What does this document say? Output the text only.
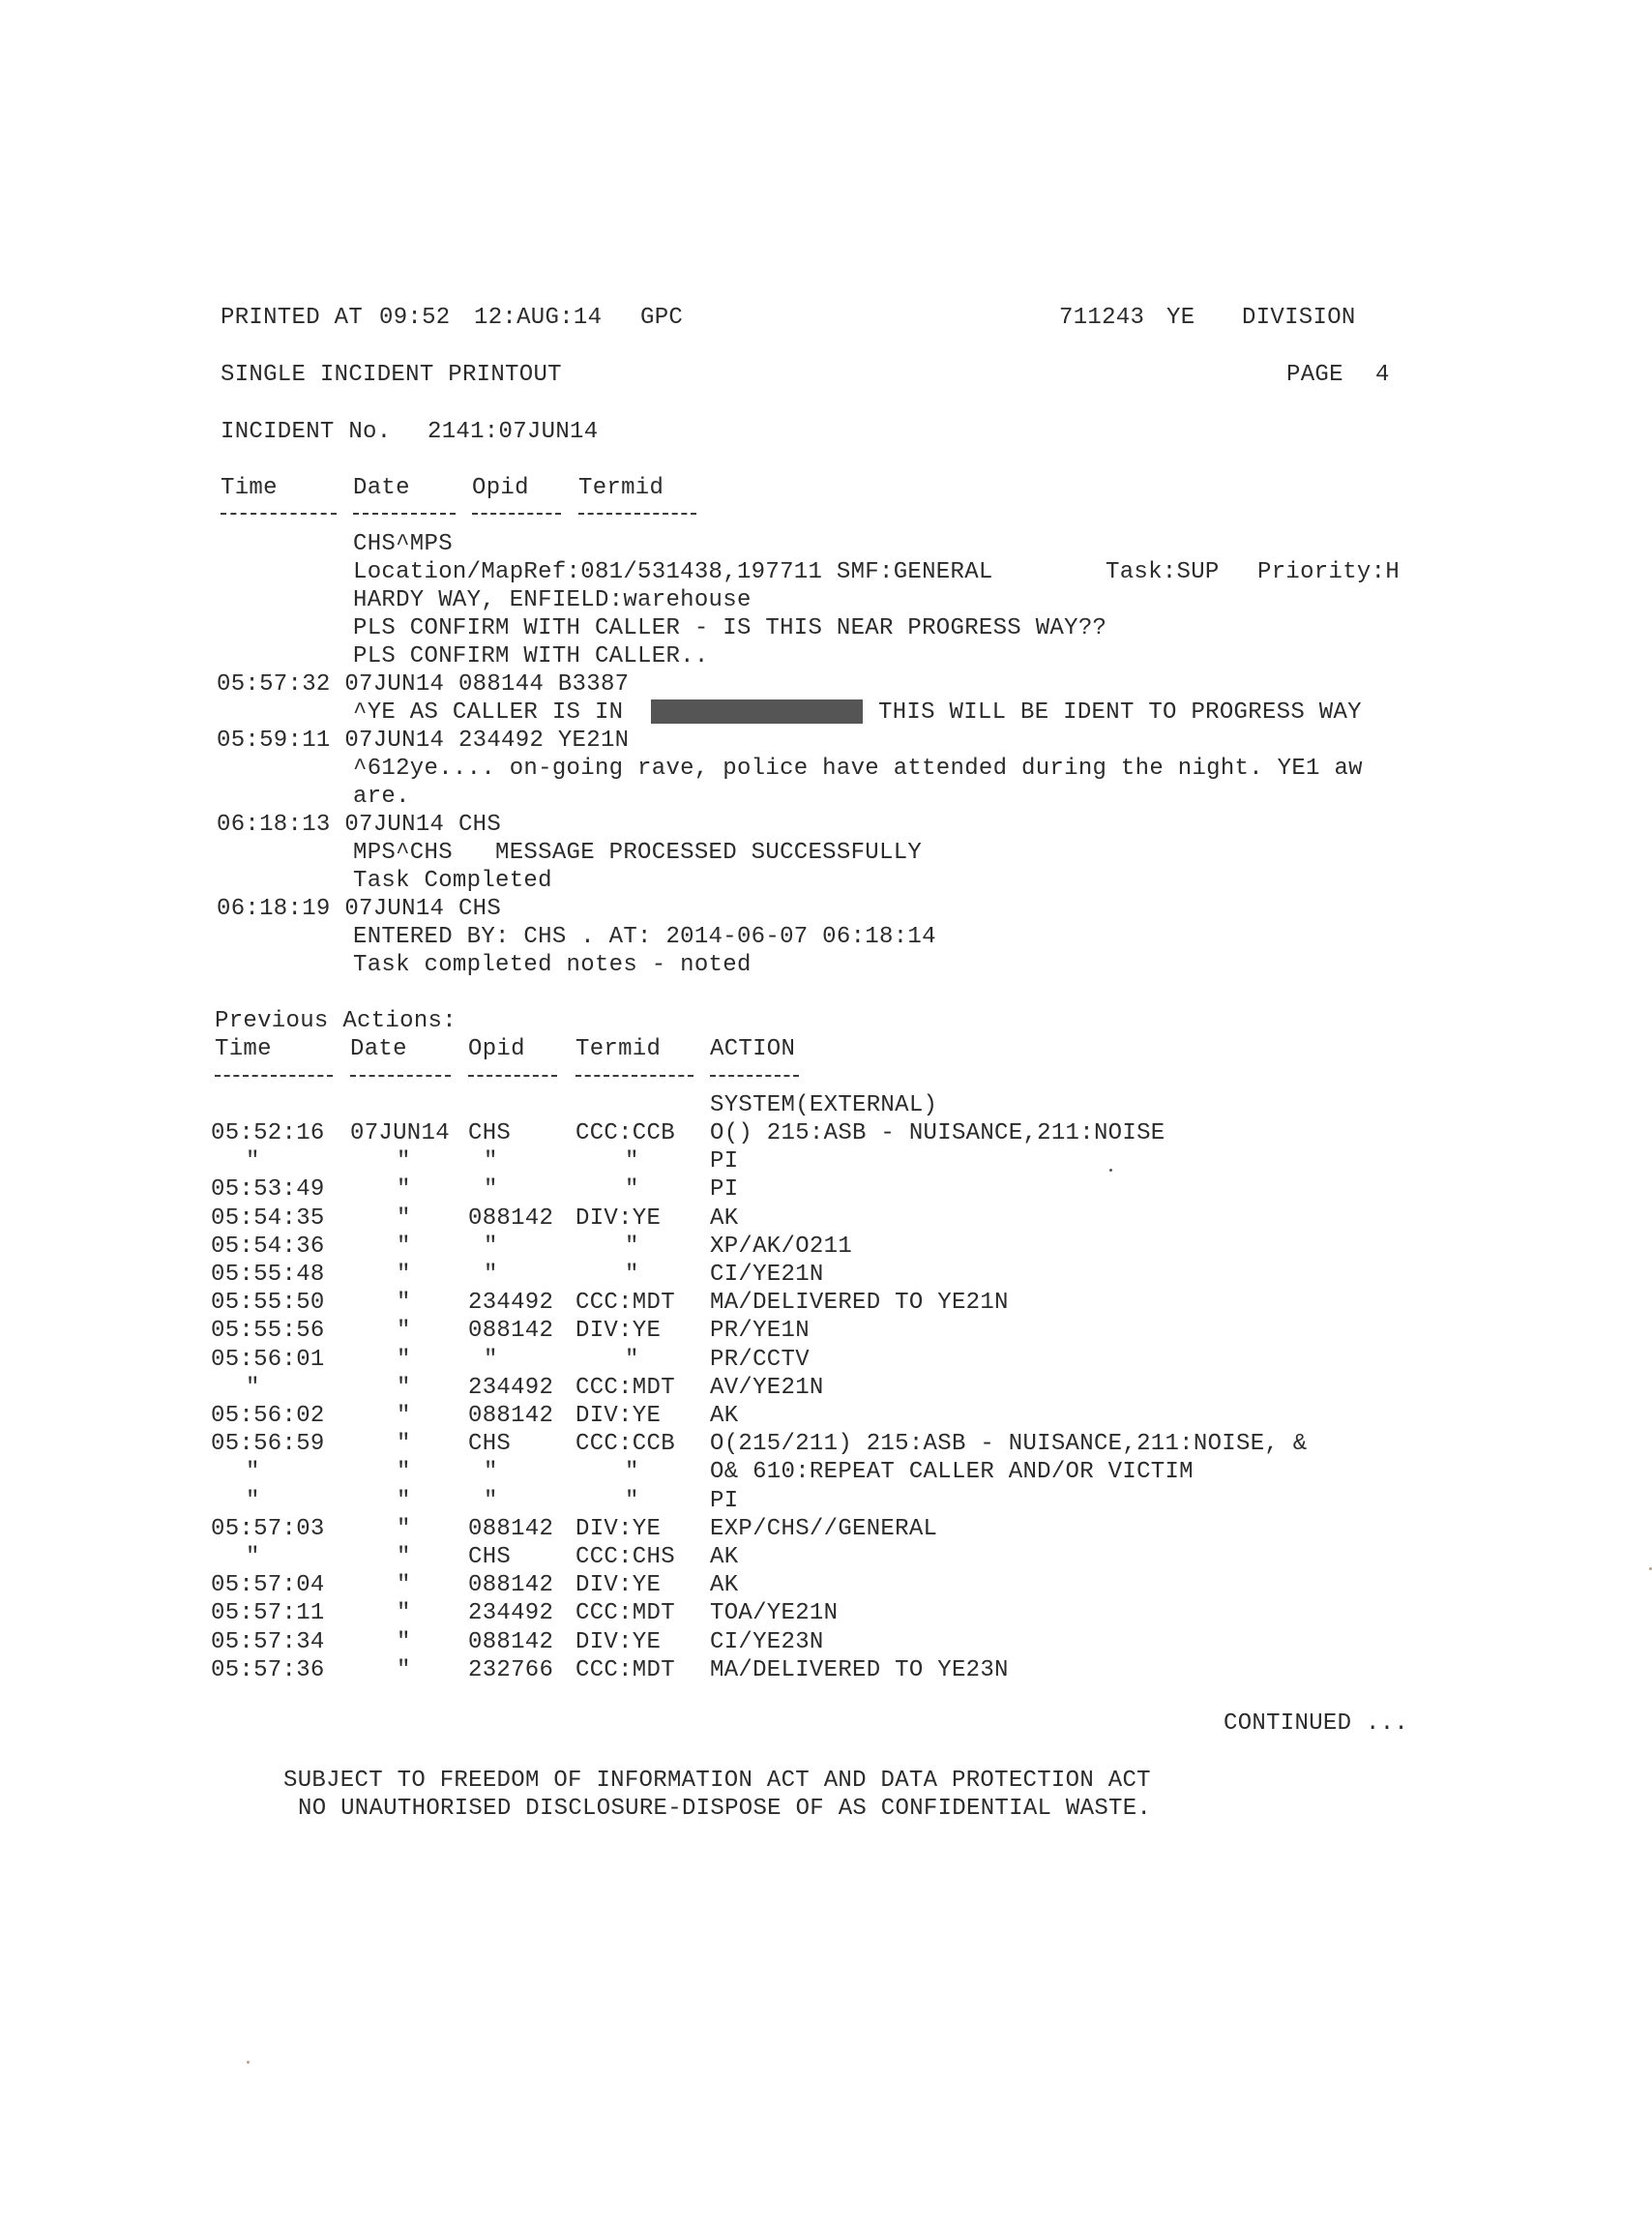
PRINTED AT 09:52 12:AUG:14 GPC	711243 YE DIVISION
SINGLE INCIDENT PRINTOUT	PAGE 4
INCIDENT No. 2141:07JUN14
Time	Date	Opid Termid
CHS^MPS
Location/MapRef:081/531438,197711 SMF:GENERAL	Task:SUP Priority:H
HARDY WAY, ENFIELD:warehouse
PLS CONFIRM WITH CALLER - IS THIS NEAR PROGRESS WAY??
PLS CONFIRM WITH CALLER..
05:57:32 07JUN14 088144 B3387
^YE AS CALLER IS IN	THIS WILL BE IDENT TO PROGRESS WAY
05:59:11 07JUN14 234492 YE21N
^612ye.... on-going rave, police have attended during the night. YE1 aw
are.
06:18:13 07JUN14 CHS
MPS^CHS   MESSAGE PROCESSED SUCCESSFULLY
Task Completed
06:18:19 07JUN14 CHS
ENTERED BY: CHS . AT: 2014-06-07 06:18:14
Task completed notes - noted
Previous Actions:
Time	Date	Opid Termid ACTION
SYSTEM(EXTERNAL)
05:52:16 07JUN14 CHS	CCC:CCB O() 215:ASB - NUISANCE,211:NOISE
"	"	"	"	PI
05:53:49	"	"	"	PI
05:54:35	" 088142 DIV:YE AK
05:54:36	"	"	"	XP/AK/O211
05:55:48	"	"	"	CI/YE21N
05:55:50	" 234492 CCC:MDT MA/DELIVERED TO YE21N
05:55:56	" 088142 DIV:YE PR/YE1N
05:56:01	"	"	"	PR/CCTV
"	" 234492 CCC:MDT AV/YE21N
05:56:02	" 088142 DIV:YE AK
05:56:59	" CHS	CCC:CCB O(215/211) 215:ASB - NUISANCE,211:NOISE, &
"	"	"	"	O& 610:REPEAT CALLER AND/OR VICTIM
"	"	"	"	PI
05:57:03	" 088142 DIV:YE EXP/CHS//GENERAL
"	" CHS	CCC:CHS AK
05:57:04	" 088142 DIV:YE AK
05:57:11	" 234492 CCC:MDT TOA/YE21N
05:57:34	" 088142 DIV:YE CI/YE23N
05:57:36	" 232766 CCC:MDT MA/DELIVERED TO YE23N
CONTINUED ...
SUBJECT TO FREEDOM OF INFORMATION ACT AND DATA PROTECTION ACT
NO UNAUTHORISED DISCLOSURE-DISPOSE OF AS CONFIDENTIAL WASTE.
